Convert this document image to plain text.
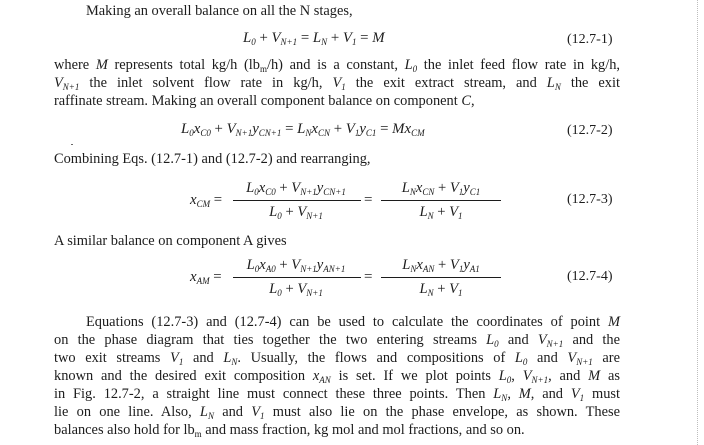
Making an overall balance on all the N stages,
$L_0 + V_{N+1} = L_N + V_1 = M$	(12.7-1)
where M represents total kg/h $(lb_m/h)$ and is a constant, $L_0$ the inlet feed flow rate in kg/h,
$V_{N+1}$ the inlet solvent flow rate in kg/h, $V_1$ the exit extract stream, and $L_N$ the exit
raffinate stream. Making an overall component balance on component C,
$L_0x_{C0} + V_{N+1}y_{CN+1} = L_Nx_{CN} + V_1y_{C1} = Mx_{CM}$	(12.7-2)
Combining Eqs. (12.7-1) and (12.7-2) and rearranging,
$x_{CM}$ =
$L_0x_{C0} + V_{N+1}y_{CN+1}$
$L_0 + V_{N+1}$
=
$L_Nx_{CN} + V_1y_{C1}$
$L_N + V_1$
(12.7-3)
A similar balance on component A gives
$x_{AM}$ =
$L_0x_{A0} + V_{N+1}y_{AN+1}$
$L_0 + V_{N+1}$
=
$L_Nx_{AN} + V_1y_{A1}$
$L_N + V_1$
(12.7-4)
Equations (12.7-3) and (12.7-4) can be used to calculate the coordinates of point M
on the phase diagram that ties together the two entering streams $L_0$ and $V_{N+1}$ and the
two exit streams $V_1$ and $L_N$. Usually, the flows and compositions of $L_0$ and $V_{N+1}$ are
known and the desired exit composition $x_{AN}$ is set. If we plot points $L_0$, $V_{N+1}$, and M as
in Fig. 12.7-2, a straight line must connect these three points. Then $L_N$, M, and $V_1$ must
lie on one line. Also, $L_N$ and $V_1$ must also lie on the phase envelope, as shown. These
balances also hold for $lb_m$ and mass fraction, kg mol and mol fractions, and so on.
